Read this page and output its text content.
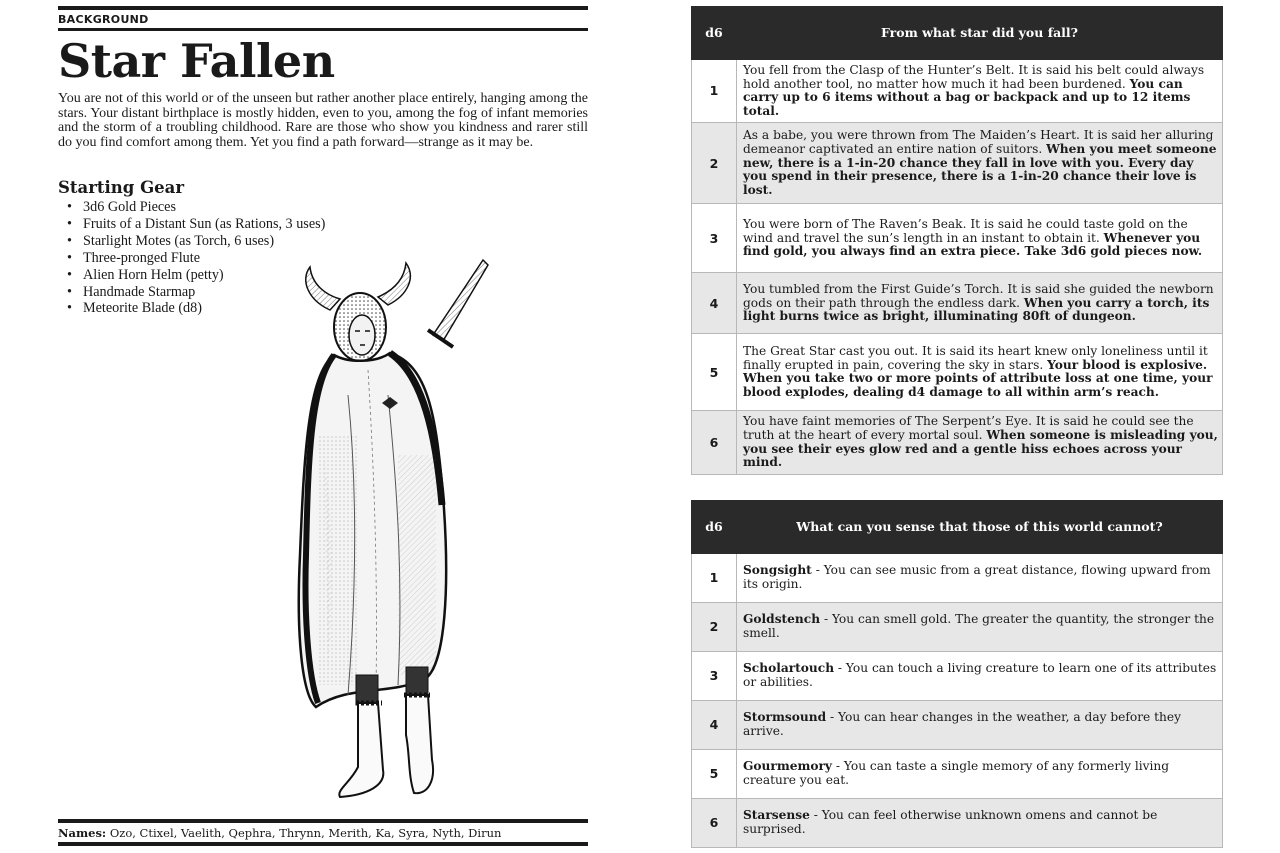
BACKGROUND
Star Fallen

You are not of this world or of the unseen but rather another place entirely, hanging among the stars. Your distant birthplace is mostly hidden, even to you, among the fog of infant memories and the storm of a troubling childhood. Rare are those who show you kindness and rarer still do you find comfort among them. Yet you find a path forward—strange as it may be.

Starting Gear
• 3d6 Gold Pieces
• Fruits of a Distant Sun (as Rations, 3 uses)
• Starlight Motes (as Torch, 6 uses)
• Three-pronged Flute
• Alien Horn Helm (petty)
• Handmade Starmap
• Meteorite Blade (d8)
Names: Ozo, Ctixel, Vaelith, Qephra, Thrynn, Merith, Ka, Syra, Nyth, Dirun
d6	From what star did you fall?
1	You fell from the Clasp of the Hunter’s Belt. It is said his belt could always hold another tool, no matter how much it had been burdened. You can carry up to 6 items without a bag or backpack and up to 12 items total.
2	As a babe, you were thrown from The Maiden’s Heart. It is said her alluring demeanor captivated an entire nation of suitors. When you meet someone new, there is a 1-in-20 chance they fall in love with you. Every day you spend in their presence, there is a 1-in-20 chance their love is lost.
3	You were born of The Raven’s Beak. It is said he could taste gold on the wind and travel the sun’s length in an instant to obtain it. Whenever you find gold, you always find an extra piece. Take 3d6 gold pieces now.
4	You tumbled from the First Guide’s Torch. It is said she guided the newborn gods on their path through the endless dark. When you carry a torch, its light burns twice as bright, illuminating 80ft of dungeon.
5	The Great Star cast you out. It is said its heart knew only loneliness until it finally erupted in pain, covering the sky in stars. Your blood is explosive. When you take two or more points of attribute loss at one time, your blood explodes, dealing d4 damage to all within arm’s reach.
6	You have faint memories of The Serpent’s Eye. It is said he could see the truth at the heart of every mortal soul. When someone is misleading you, you see their eyes glow red and a gentle hiss echoes across your mind.
d6	What can you sense that those of this world cannot?
1	Songsight - You can see music from a great distance, flowing upward from its origin.
2	Goldstench - You can smell gold. The greater the quantity, the stronger the smell.
3	Scholartouch - You can touch a living creature to learn one of its attributes or abilities.
4	Stormsound - You can hear changes in the weather, a day before they arrive.
5	Gourmemory - You can taste a single memory of any formerly living creature you eat.
6	Starsense - You can feel otherwise unknown omens and cannot be surprised.
